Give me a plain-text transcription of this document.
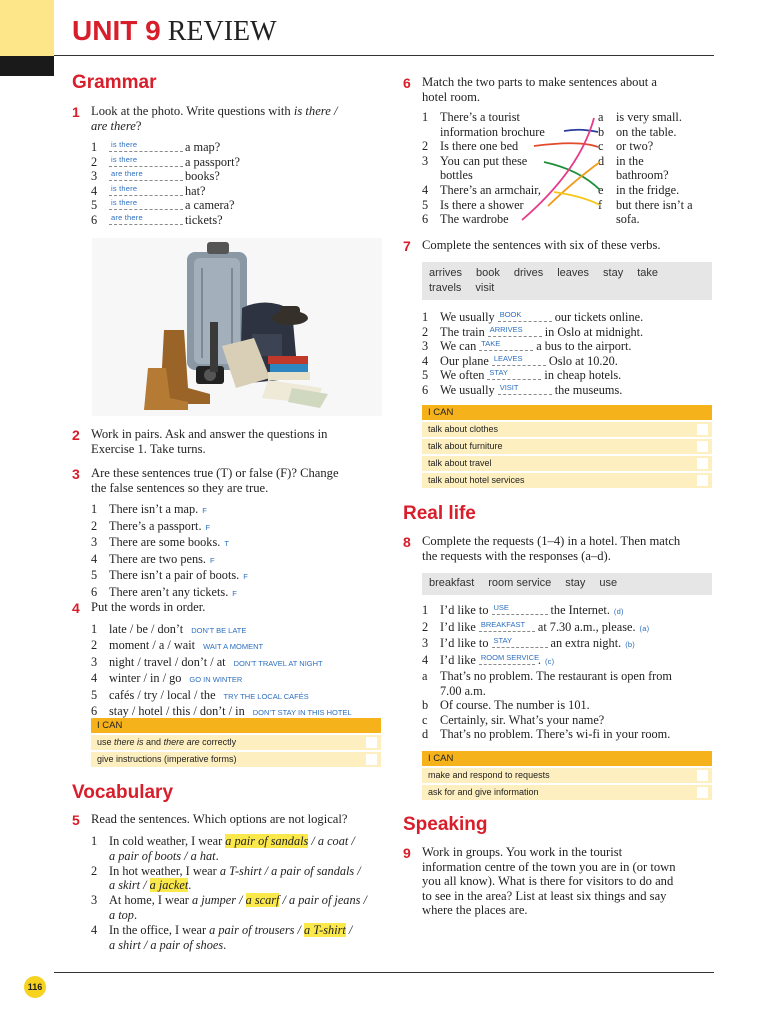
UNIT 9 REVIEW
Grammar
1 Look at the photo. Write questions with is there /
are there?
1 is there	a map?
2 is there	a passport?
3 are there	books?
4 is there	hat?
5 is there	a camera?
6 are there	tickets?
2 Work in pairs. Ask and answer the questions in
Exercise 1. Take turns.
3 Are these sentences true (T) or false (F)? Change
the false sentences so they are true.
1 There isn’t a map. F
2 There’s a passport. F
3 There are some books. T
4 There are two pens. F
5 There isn’t a pair of boots. F
6 There aren’t any tickets. F
4 Put the words in order.
1 late / be / don’t DON’T BE LATE
2 moment / a / wait WAIT A MOMENT
3 night / travel / don’t / at DON’T TRAVEL AT NIGHT
4 winter / in / go GO IN WINTER
5 cafés / try / local / the TRY THE LOCAL CAFÉS
6 stay / hotel / this / don’t / in DON’T STAY IN THIS HOTEL
I CAN
use there is and there are correctly
give instructions (imperative forms)
Vocabulary
5 Read the sentences. Which options are not logical?
1 In cold weather, I wear a pair of sandals / a coat /
a pair of boots / a hat.
2 In hot weather, I wear a T-shirt / a pair of sandals /
a skirt / a jacket.
3 At home, I wear a jumper / a scarf / a pair of jeans /
a top.
4 In the office, I wear a pair of trousers / a T-shirt /
a shirt / a pair of shoes.
6 Match the two parts to make sentences about a
hotel room.
1 There’s a tourist
information brochure
2 Is there one bed
3 You can put these
bottles
4 There’s an armchair,
5 Is there a shower
6 The wardrobe
a is very small.
b on the table.
c or two?
d in the
bathroom?
e in the fridge.
f but there isn’t a
sofa.
7 Complete the sentences with six of these verbs.
arrives book drives leaves stay take
travels visit
1 We usually BOOK	our tickets online.
2 The train ARRIVES in Oslo at midnight.
3 We can TAKE	a bus to the airport.
4 Our plane LEAVES Oslo at 10.20.
5 We often STAY	in cheap hotels.
6 We usually VISIT	the museums.
I CAN
talk about clothes
talk about furniture
talk about travel
talk about hotel services
Real life
8 Complete the requests (1–4) in a hotel. Then match
the requests with the responses (a–d).
breakfast room service stay use
1 I’d like to USE	the Internet. (d)
2 I’d like BREAKFAST at 7.30 a.m., please. (a)
3 I’d like to STAY	an extra night. (b)
4 I’d like ROOM SERVICE
. (c)
a That’s no problem. The restaurant is open from
7.00 a.m.
b Of course. The number is 101.
c Certainly, sir. What’s your name?
d That’s no problem. There’s wi-fi in your room.
I CAN
make and respond to requests
ask for and give information
Speaking
9 Work in groups. You work in the tourist
information centre of the town you are in (or town
you all know). What is there for visitors to do and
to see in the area? List at least six things and say
where the places are.
116
